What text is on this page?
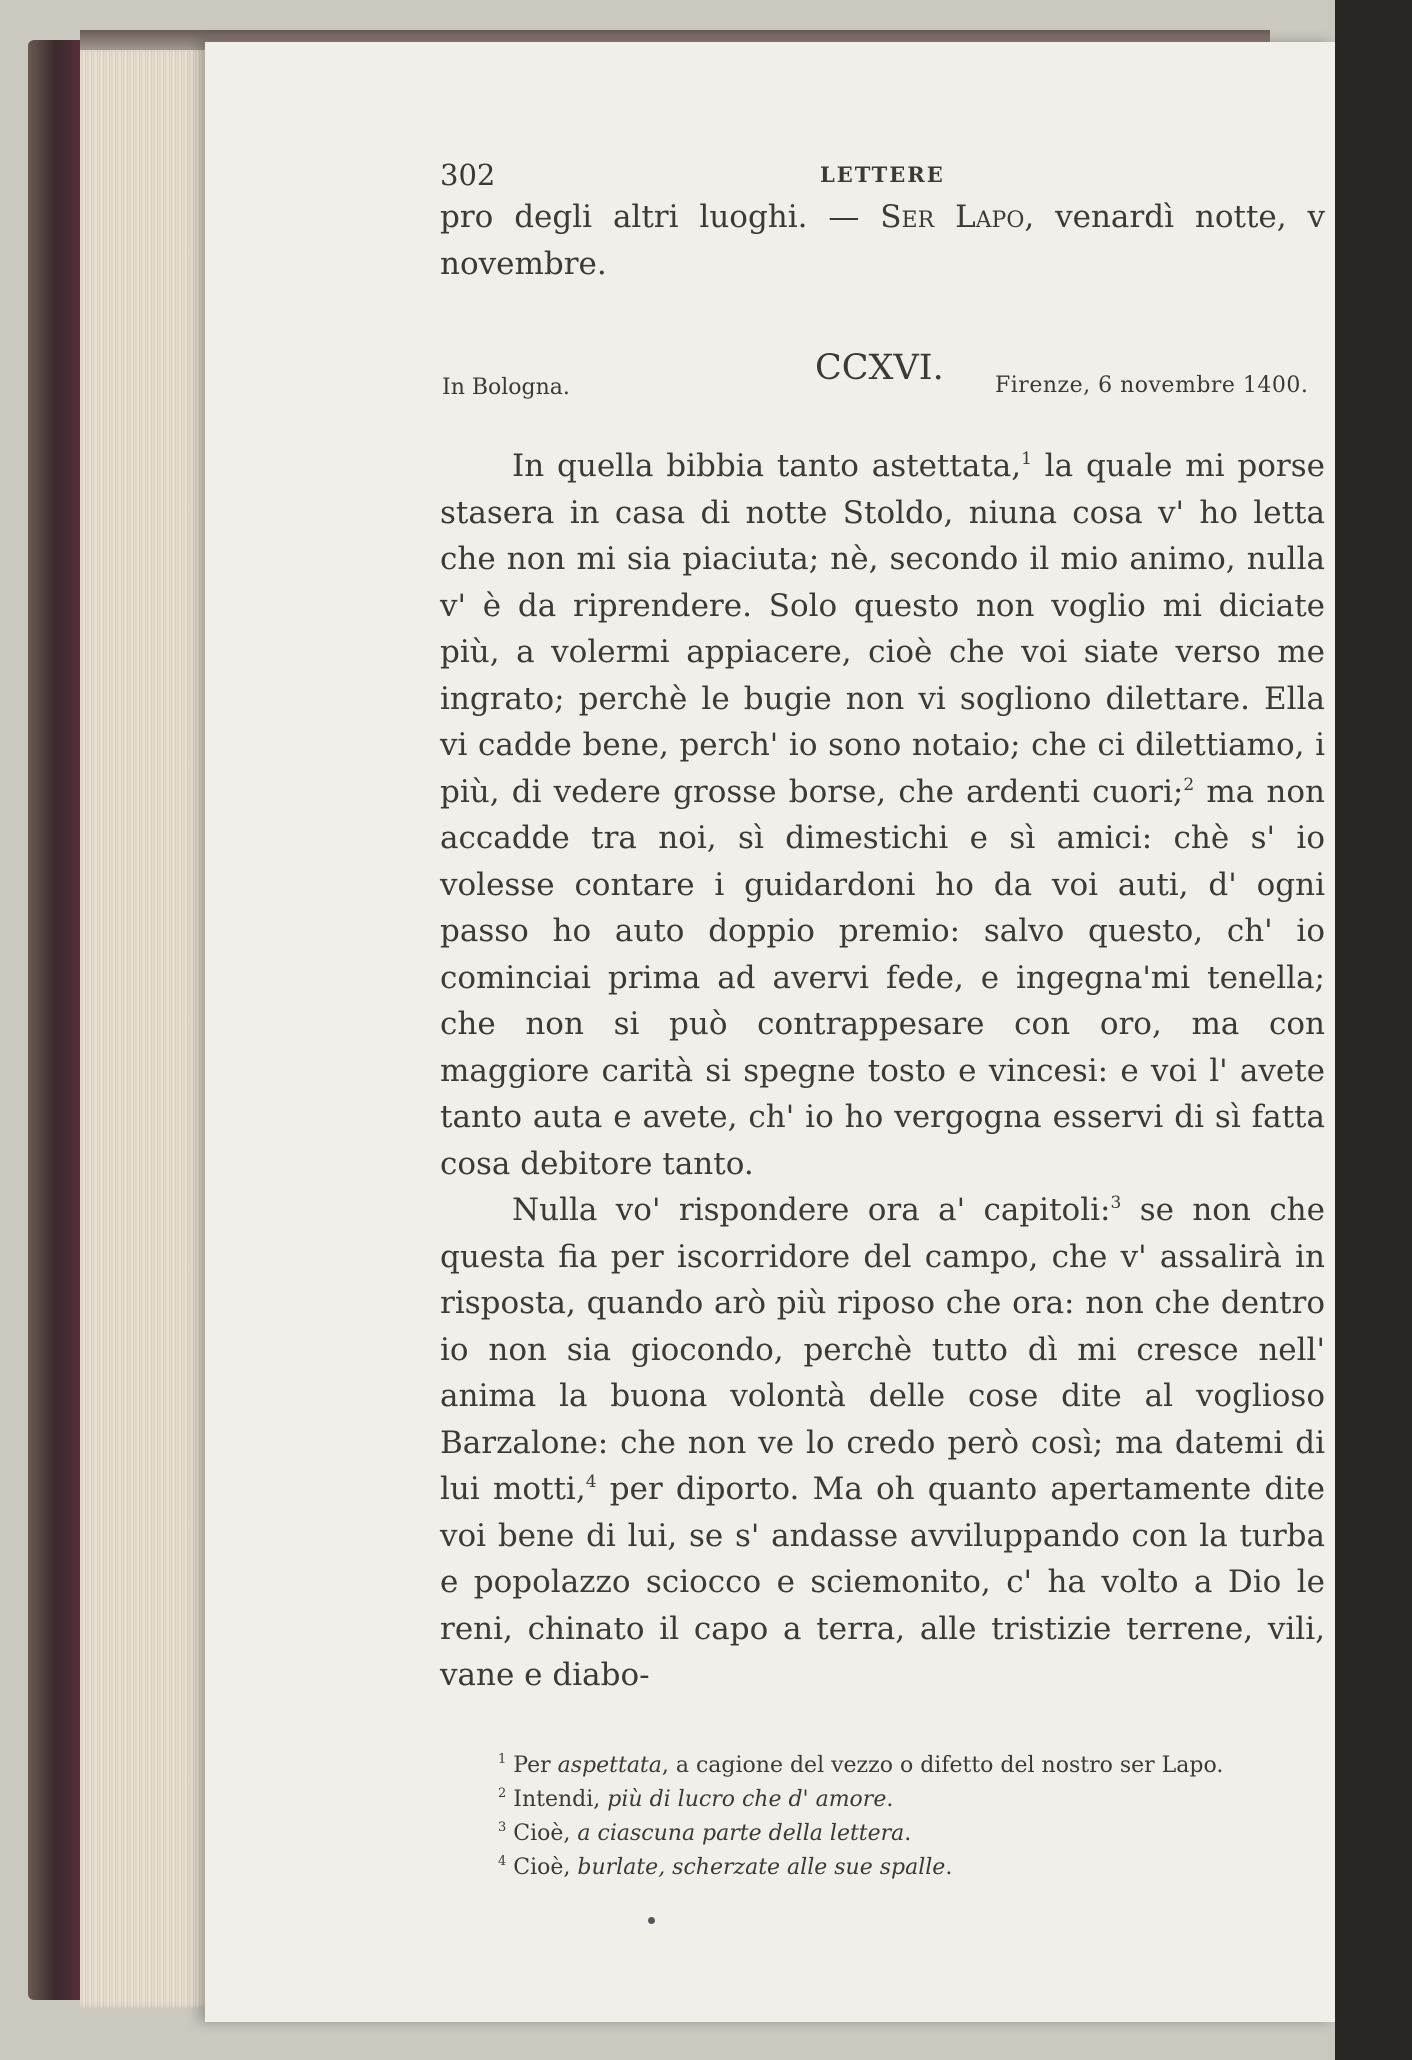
302	LETTERE

pro degli altri luoghi. — Ser Lapo, venardì notte, v novembre.

In Bologna.	CCXVI. Firenze, 6 novembre 1400.

In quella bibbia tanto astettata,$^1$ la quale mi porse stasera in casa di notte Stoldo, niuna cosa v' ho letta che non mi sia piaciuta; nè, secondo il mio animo, nulla v' è da riprendere. Solo questo non voglio mi diciate più, a volermi appiacere, cioè che voi siate verso me ingrato; perchè le bugie non vi sogliono dilettare. Ella vi cadde bene, perch' io sono notaio; che ci dilettiamo, i più, di vedere grosse borse, che ardenti cuori;$^2$ ma non accadde tra noi, sì dimestichi e sì amici: chè s' io volesse contare i guidardoni ho da voi auti, d' ogni passo ho auto doppio premio: salvo questo, ch' io cominciai prima ad avervi fede, e ingegna'mi tenella; che non si può contrappesare con oro, ma con maggiore carità si spegne tosto e vincesi: e voi l' avete tanto auta e avete, ch' io ho vergogna esservi di sì fatta cosa debitore tanto.

Nulla vo' rispondere ora a' capitoli:$^3$ se non che questa fia per iscorridore del campo, che v' assalirà in risposta, quando arò più riposo che ora: non che dentro io non sia giocondo, perchè tutto dì mi cresce nell' anima la buona volontà delle cose dite al voglioso Barzalone: che non ve lo credo però così; ma datemi di lui motti,$^4$ per diporto. Ma oh quanto apertamente dite voi bene di lui, se s' andasse avviluppando con la turba e popolazzo sciocco e sciemonito, c' ha volto a Dio le reni, chinato il capo a terra, alle tristizie terrene, vili, vane e diabo-

$^1$ Per aspettata, a cagione del vezzo o difetto del nostro ser Lapo.

$^2$ Intendi, più di lucro che d' amore.

$^3$ Cioè, a ciascuna parte della lettera.

$^4$ Cioè, burlate, scherzate alle sue spalle.
